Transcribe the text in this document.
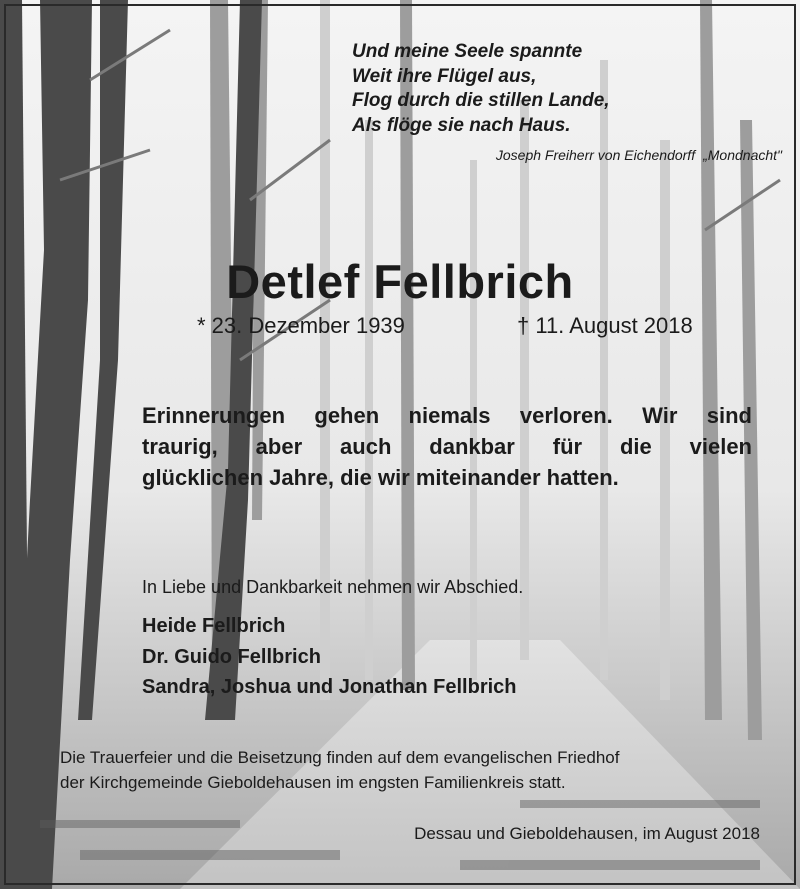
Und meine Seele spannte
Weit ihre Flügel aus,
Flog durch die stillen Lande,
Als flöge sie nach Haus.
Joseph Freiherr von Eichendorff „Mondnacht"
Detlef Fellbrich
* 23. Dezember 1939	† 11. August 2018
Erinnerungen gehen niemals verloren. Wir sind
traurig, aber auch dankbar für die vielen
glücklichen Jahre, die wir miteinander hatten.
In Liebe und Dankbarkeit nehmen wir Abschied.
Heide Fellbrich
Dr. Guido Fellbrich
Sandra, Joshua und Jonathan Fellbrich
Die Trauerfeier und die Beisetzung finden auf dem evangelischen Friedhof
der Kirchgemeinde Gieboldehausen im engsten Familienkreis statt.
Dessau und Gieboldehausen, im August 2018
